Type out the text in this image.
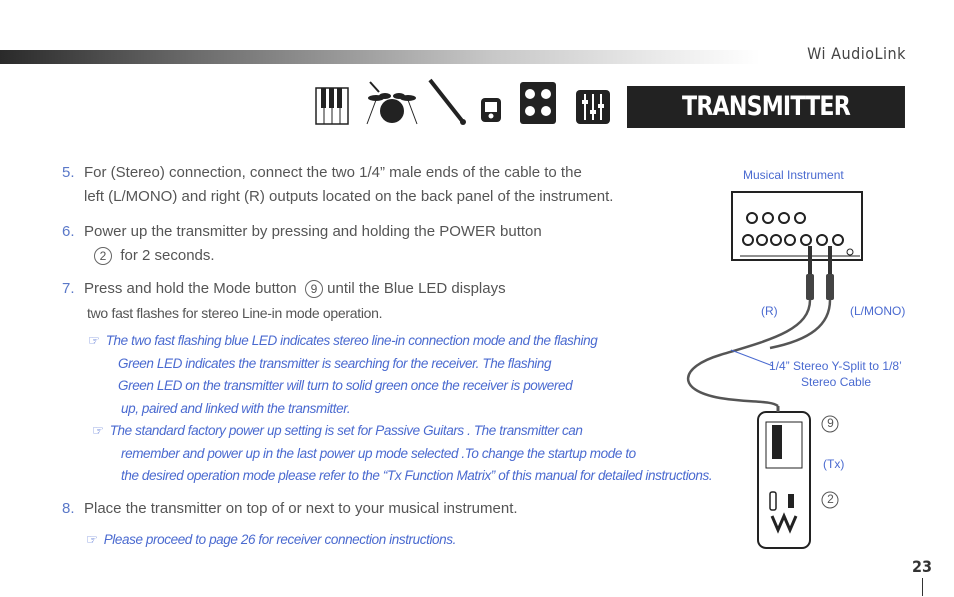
Wi AudioLink
TRANSMITTER CONNECTION
5. For (Stereo) connection, connect the two 1/4” male ends of the cable to the
left (L/MONO) and right (R) outputs located on the back panel of the instrument.
6. Power up the transmitter by pressing and holding the POWER button
2 for 2 seconds.
7. Press and hold the Mode button 9 until the Blue LED displays
two fast flashes for stereo Line-in mode operation.
☞ The two fast flashing blue LED indicates stereo line-in connection mode and the flashing
Green LED indicates the transmitter is searching for the receiver. The flashing
Green LED on the transmitter will turn to solid green once the receiver is powered
up, paired and linked with the transmitter.
☞ The standard factory power up setting is set for Passive Guitars . The transmitter can
remember and power up in the last power up mode selected .To change the startup mode to
the desired operation mode please refer to the “Tx Function Matrix” of this manual for detailed instructions.
8. Place the transmitter on top of or next to your musical instrument.
☞ Please proceed to page 26 for receiver connection instructions.
Musical Instrument
(R)	(L/MONO)
1/4” Stereo Y-Split to 1/8’
Stereo Cable
(Tx)
9
2
23
